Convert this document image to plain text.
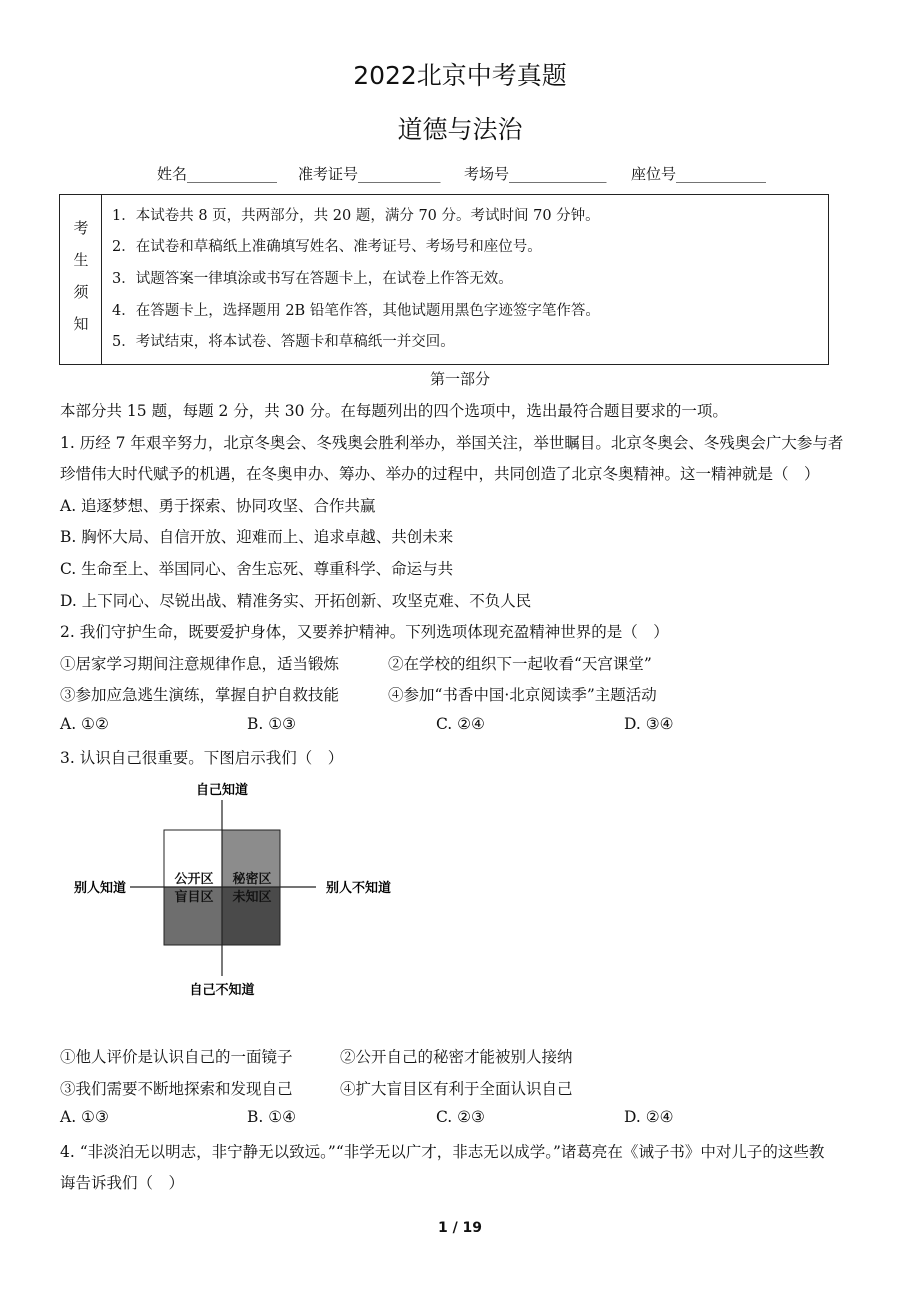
2022北京中考真题
道德与法治
姓名____________ 准考证号___________ 考场号_____________ 座位号____________
考
生
须
知
1．本试卷共 8 页，共两部分，共 20 题，满分 70 分。考试时间 70 分钟。
2．在试卷和草稿纸上准确填写姓名、准考证号、考场号和座位号。
3．试题答案一律填涂或书写在答题卡上，在试卷上作答无效。
4．在答题卡上，选择题用 2B 铅笔作答，其他试题用黑色字迹签字笔作答。
5．考试结束，将本试卷、答题卡和草稿纸一并交回。
第一部分
本部分共 15 题，每题 2 分，共 30 分。在每题列出的四个选项中，选出最符合题目要求的一项。
1. 历经 7 年艰辛努力，北京冬奥会、冬残奥会胜利举办，举国关注，举世瞩目。北京冬奥会、冬残奥会广大参与者
珍惜伟大时代赋予的机遇，在冬奥申办、筹办、举办的过程中，共同创造了北京冬奥精神。这一精神就是（　）
A. 追逐梦想、勇于探索、协同攻坚、合作共赢
B. 胸怀大局、自信开放、迎难而上、追求卓越、共创未来
C. 生命至上、举国同心、舍生忘死、尊重科学、命运与共
D. 上下同心、尽锐出战、精准务实、开拓创新、攻坚克难、不负人民
2. 我们守护生命，既要爱护身体，又要养护精神。下列选项体现充盈精神世界的是（　）
①居家学习期间注意规律作息，适当锻炼	②在学校的组织下一起收看“天宫课堂”
③参加应急逃生演练，掌握自护自救技能	④参加“书香中国·北京阅读季”主题活动
A. ①②	B. ①③	C. ②④	D. ③④
3. 认识自己很重要。下图启示我们（　）
自己知道
自己不知道
别人知道	别人不知道
公开区 秘密区
盲目区 未知区
①他人评价是认识自己的一面镜子	②公开自己的秘密才能被别人接纳
③我们需要不断地探索和发现自己	④扩大盲目区有利于全面认识自己
A. ①③	B. ①④	C. ②③	D. ②④
4. “非淡泊无以明志，非宁静无以致远。”“非学无以广才，非志无以成学。”诸葛亮在《诫子书》中对儿子的这些教
诲告诉我们（　）
1 / 19
